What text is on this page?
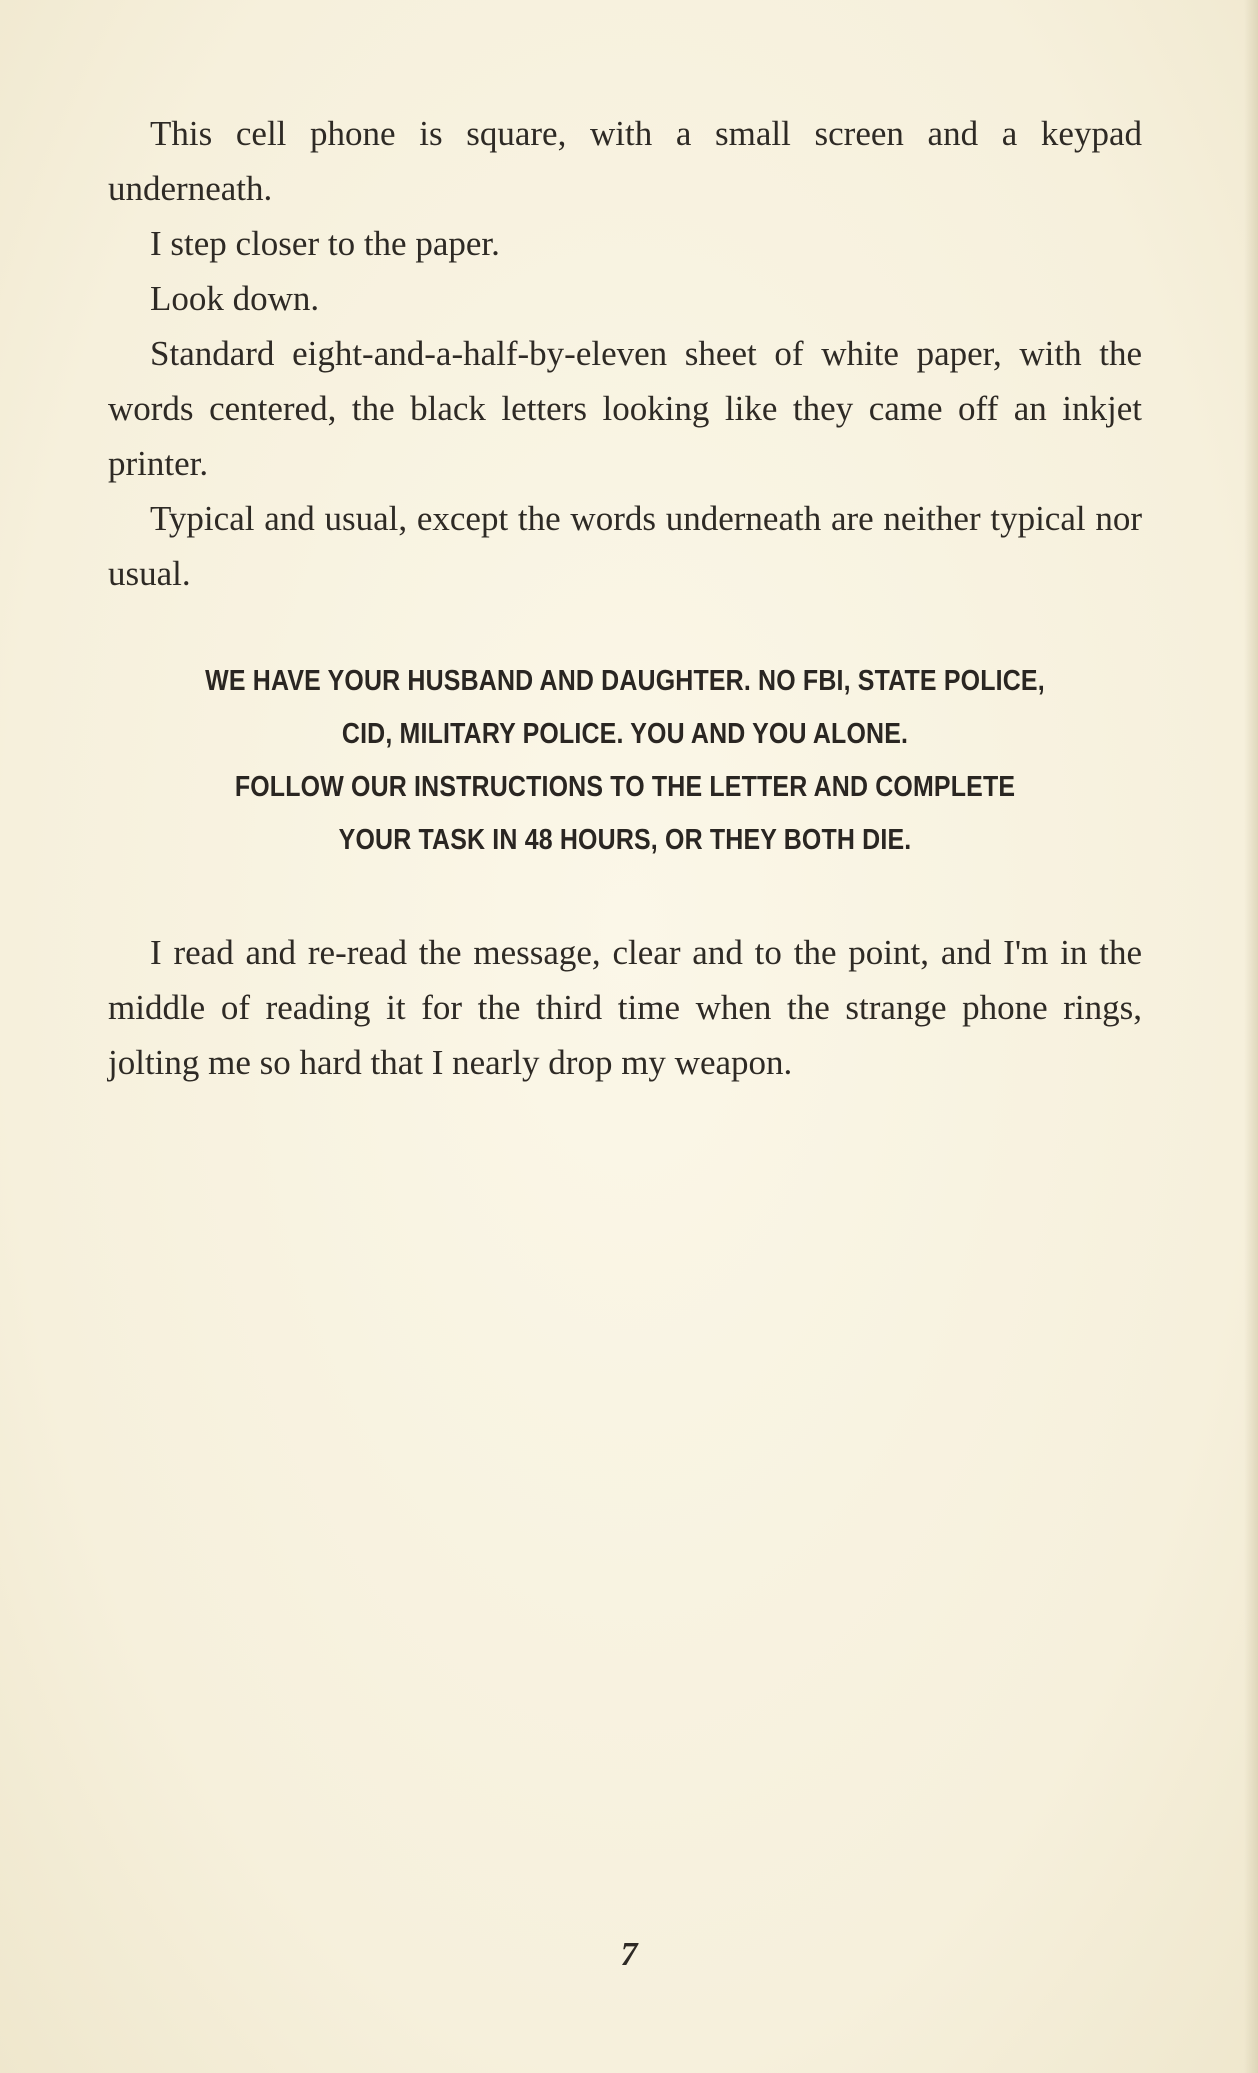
This cell phone is square, with a small screen and a keypad underneath.

I step closer to the paper.

Look down.

Standard eight-and-a-half-by-eleven sheet of white paper, with the words centered, the black letters looking like they came off an inkjet printer.

Typical and usual, except the words underneath are neither typical nor usual.

WE HAVE YOUR HUSBAND AND DAUGHTER. NO FBI, STATE POLICE,
CID, MILITARY POLICE. YOU AND YOU ALONE.
FOLLOW OUR INSTRUCTIONS TO THE LETTER AND COMPLETE
YOUR TASK IN 48 HOURS, OR THEY BOTH DIE.

I read and re-read the message, clear and to the point, and I'm in the middle of reading it for the third time when the strange phone rings, jolting me so hard that I nearly drop my weapon.

7
